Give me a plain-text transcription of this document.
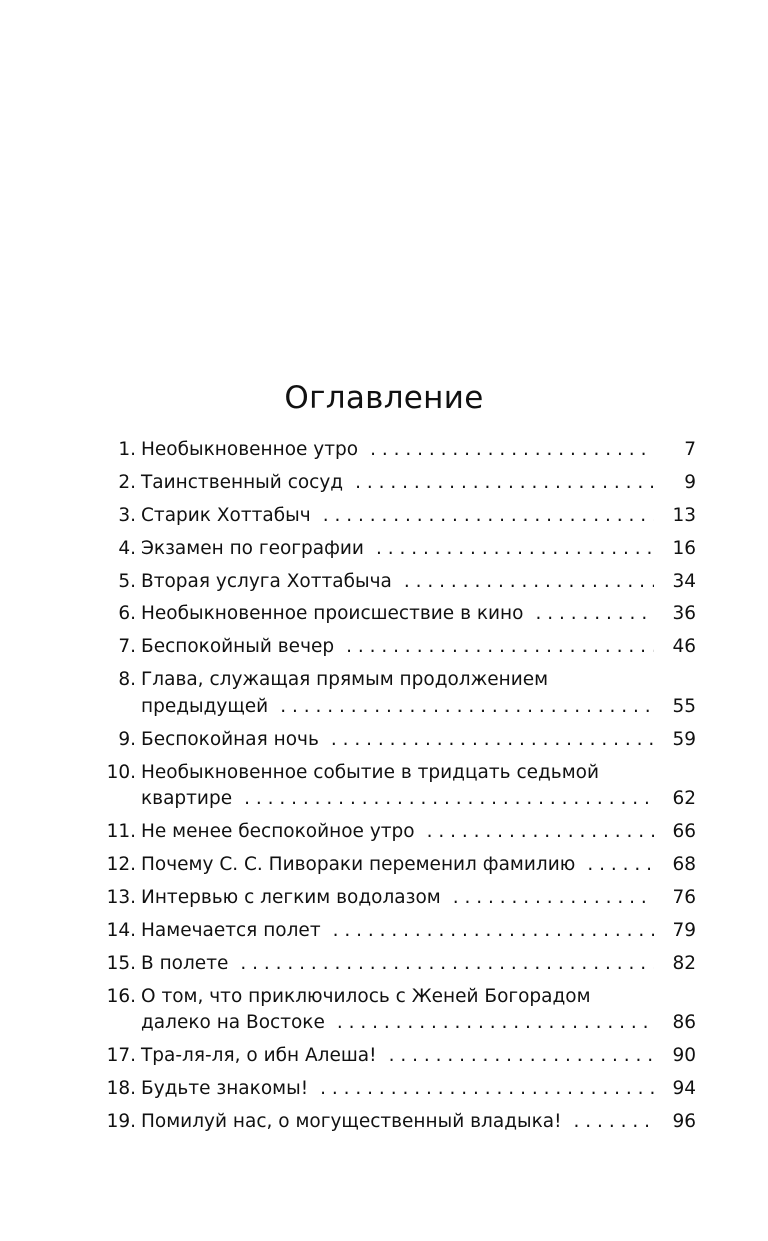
Оглавление
1. Необыкновенное утро . . .	7
2. Таинственный сосуд . . .	9
3. Старик Хоттабыч . . .	13
4. Экзамен по географии . . .	16
5. Вторая услуга Хоттабыча . . .	34
6. Необыкновенное происшествие в кино . . .	36
7. Беспокойный вечер . . .	46
8. Глава, служащая прямым продолжением
предыдущей . . .	55
9. Беспокойная ночь . . .	59
10. Необыкновенное событие в тридцать седьмой
квартире . . .	62
11. Не менее беспокойное утро . . .	66
12. Почему С. С. Пивораки переменил фамилию . . .	68
13. Интервью с легким водолазом . . .	76
14. Намечается полет . . .	79
15. В полете . . .	82
16. О том, что приключилось с Женей Богорадом
далеко на Востоке . . .	86
17. Тра-ля-ля, о ибн Алеша! . . .	90
18. Будьте знакомы! . . .	94
19. Помилуй нас, о могущественный владыка! . . .	96
